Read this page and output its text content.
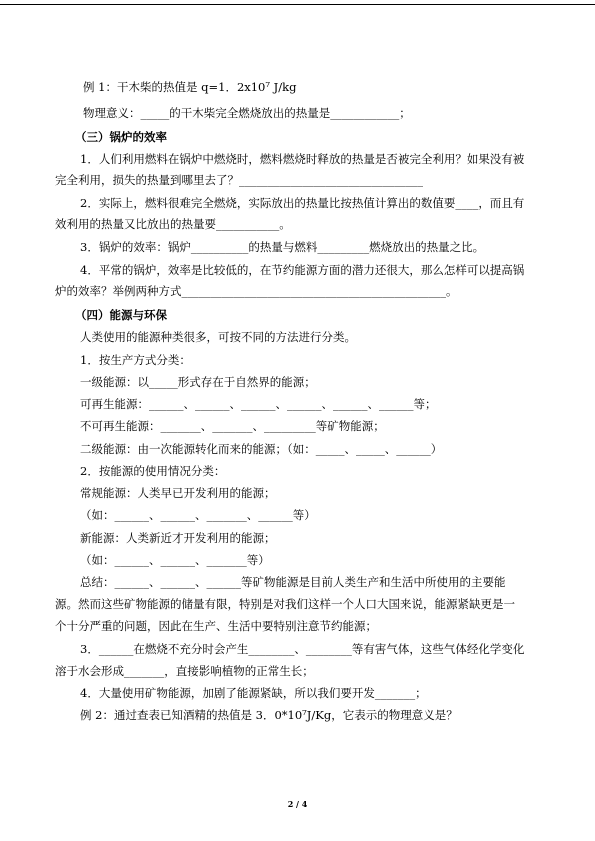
例 1：干木柴的热值是 q=1．2x10⁷ J/kg
物理意义：_____的干木柴完全燃烧放出的热量是____________；
（三）锅炉的效率
1．人们利用燃料在锅炉中燃烧时，燃料燃烧时释放的热量是否被完全利用？如果没有被
完全利用，损失的热量到哪里去了？________________________________
2．实际上，燃料很难完全燃烧，实际放出的热量比按热值计算出的数值要____，而且有
效利用的热量又比放出的热量要___________。
3．锅炉的效率：锅炉__________的热量与燃料_________燃烧放出的热量之比。
4．平常的锅炉，效率是比较低的，在节约能源方面的潜力还很大，那么怎样可以提高锅
炉的效率？举例两种方式______________________________________________。
（四）能源与环保
人类使用的能源种类很多，可按不同的方法进行分类。
1．按生产方式分类：
一级能源：以_____形式存在于自然界的能源；
可再生能源：______、______、______、______、______、______等；
不可再生能源：_______、_______、_________等矿物能源；
二级能源：由一次能源转化而来的能源；（如：_____、_____、______）
2．按能源的使用情况分类：
常规能源：人类早已开发利用的能源；
（如：______、______、_______、______等）
新能源：人类新近才开发利用的能源；
（如：______、______、_______等）
总结：______、______、______等矿物能源是目前人类生产和生活中所使用的主要能
源。然而这些矿物能源的储量有限，特别是对我们这样一个人口大国来说，能源紧缺更是一
个十分严重的问题，因此在生产、生活中要特别注意节约能源；
3．______在燃烧不充分时会产生________、________等有害气体，这些气体经化学变化
溶于水会形成_______，直接影响植物的正常生长；
4．大量使用矿物能源，加剧了能源紧缺，所以我们要开发_______；
例 2：通过查表已知酒精的热值是 3．0*10⁷J/Kg，它表示的物理意义是？
2 / 4
